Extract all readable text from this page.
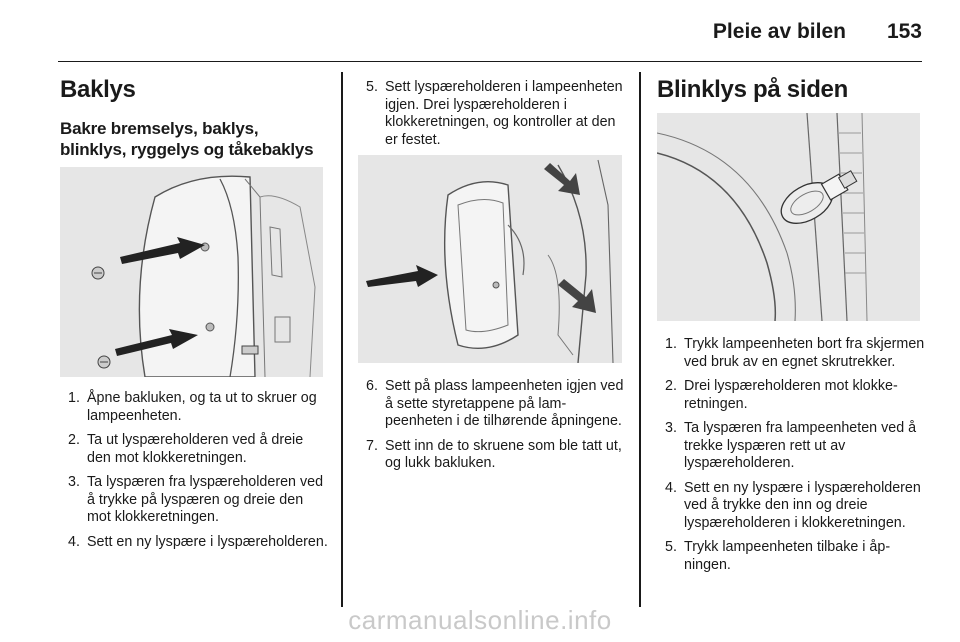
Pleie av bilen 153
Baklys
Bakre bremselys, baklys,
blinklys, ryggelys og tåkebaklys
1. Åpne bakluken, og ta ut to skruer og lampeenheten.
2. Ta ut lyspæreholderen ved å dreie den mot klokkeretningen.
3. Ta lyspæren fra lyspæreholderen ved å trykke på lyspæren og dreie den mot klokkeretningen.
4. Sett en ny lyspære i lyspæreholderen.
5. Sett lyspæreholderen i lampeenheten igjen. Drei lyspæreholderen i klokkeretningen, og kontroller at den er festet.
6. Sett på plass lampeenheten igjen ved å sette styretappene på lampeenheten i de tilhørende åpningene.
7. Sett inn de to skruene som ble tatt ut, og lukk bakluken.
Blinklys på siden
1. Trykk lampeenheten bort fra skjermen ved bruk av en egnet skrutrekker.
2. Drei lyspæreholderen mot klokkeretningen.
3. Ta lyspæren fra lampeenheten ved å trekke lyspæren rett ut av lyspæreholderen.
4. Sett en ny lyspære i lyspæreholderen ved å trykke den inn og dreie lyspæreholderen i klokkeretningen.
5. Trykk lampeenheten tilbake i åpningen.
carmanualsonline.info
